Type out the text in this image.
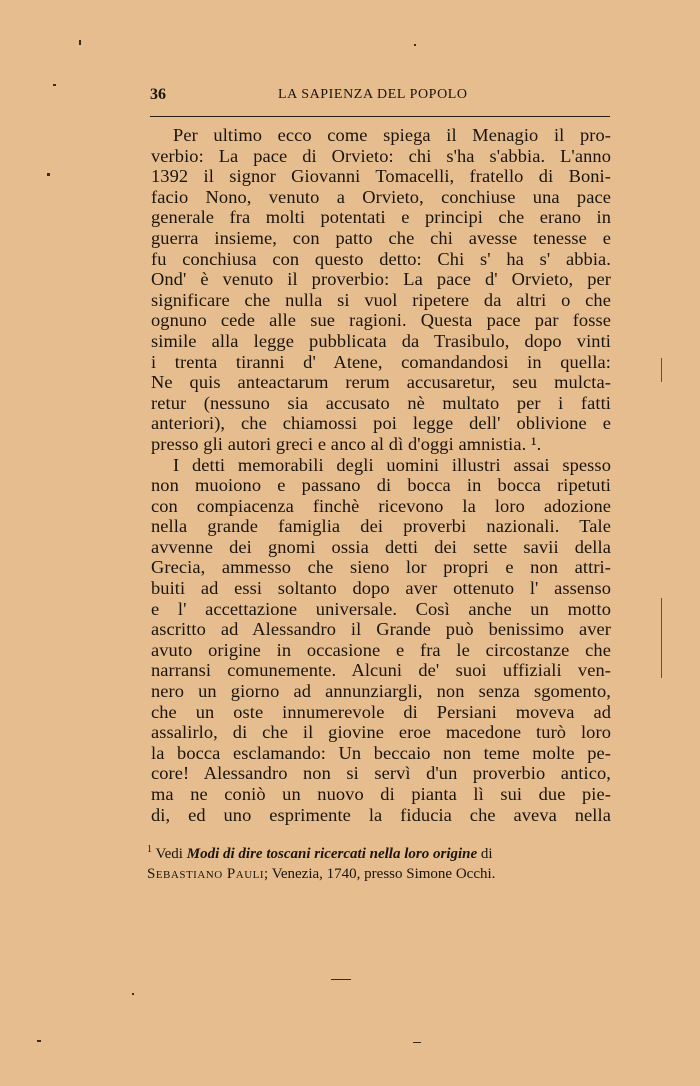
36	LA SAPIENZA DEL POPOLO
Per ultimo ecco come spiega il Menagio il pro-
verbio: La pace di Orvieto: chi s'ha s'abbia. L'anno
1392 il signor Giovanni Tomacelli, fratello di Boni-
facio Nono, venuto a Orvieto, conchiuse una pace
generale fra molti potentati e principi che erano in
guerra insieme, con patto che chi avesse tenesse e
fu conchiusa con questo detto: Chi s' ha s' abbia.
Ond' è venuto il proverbio: La pace d' Orvieto, per
significare che nulla si vuol ripetere da altri o che
ognuno cede alle sue ragioni. Questa pace par fosse
simile alla legge pubblicata da Trasibulo, dopo vinti
i trenta tiranni d' Atene, comandandosi in quella:
Ne quis anteactarum rerum accusaretur, seu mulcta-
retur (nessuno sia accusato nè multato per i fatti
anteriori), che chiamossi poi legge dell' oblivione e
presso gli autori greci e anco al dì d'oggi amnistia. ¹.
I detti memorabili degli uomini illustri assai spesso
non muoiono e passano di bocca in bocca ripetuti
con compiacenza finchè ricevono la loro adozione
nella grande famiglia dei proverbi nazionali. Tale
avvenne dei gnomi ossia detti dei sette savii della
Grecia, ammesso che sieno lor propri e non attri-
buiti ad essi soltanto dopo aver ottenuto l' assenso
e l' accettazione universale. Così anche un motto
ascritto ad Alessandro il Grande può benissimo aver
avuto origine in occasione e fra le circostanze che
narransi comunemente. Alcuni de' suoi uffiziali ven-
nero un giorno ad annunziargli, non senza sgomento,
che un oste innumerevole di Persiani moveva ad
assalirlo, di che il giovine eroe macedone turò loro
la bocca esclamando: Un beccaio non teme molte pe-
core! Alessandro non si servì d'un proverbio antico,
ma ne coniò un nuovo di pianta lì sui due pie-
di, ed uno esprimente la fiducia che aveva nella
$^1$ Vedi Modi di dire toscani ricercati nella loro origine di
Sebastiano Pauli; Venezia, 1740, presso Simone Occhi.
